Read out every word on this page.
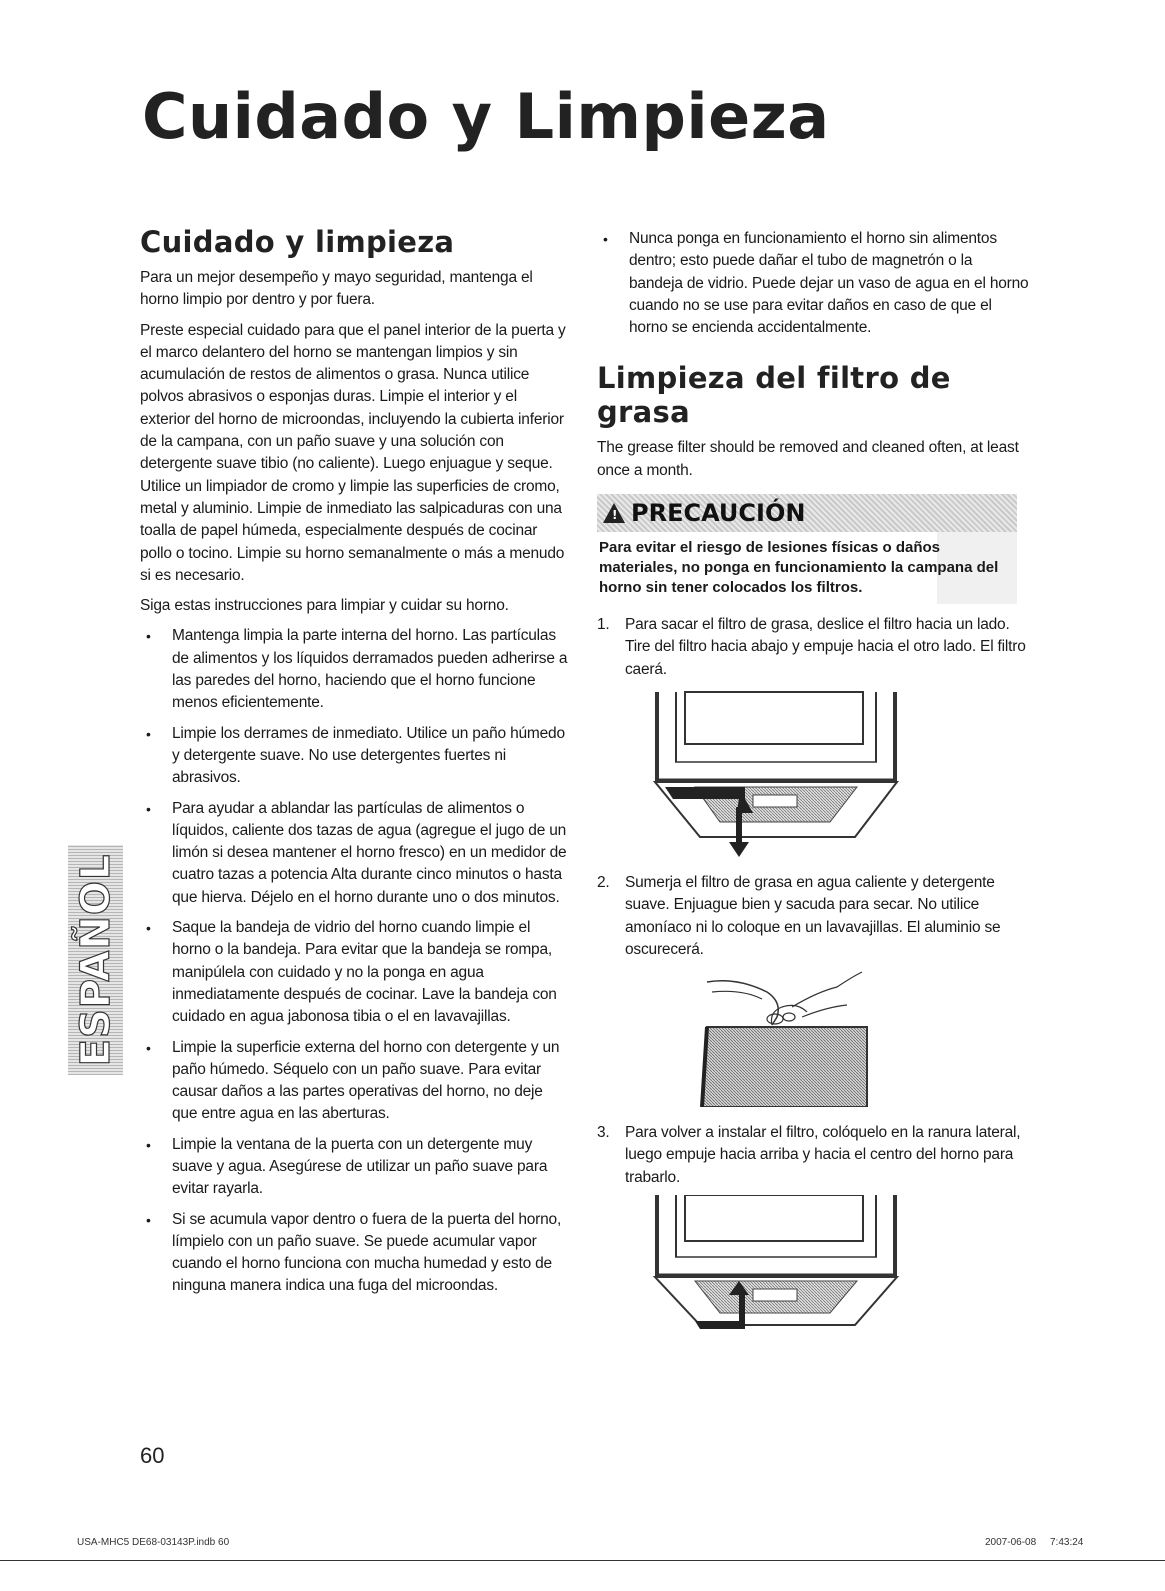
Cuidado y Limpieza
ESPAÑOL
Cuidado y limpieza

Para un mejor desempeño y mayo seguridad, mantenga el horno limpio por dentro y por fuera.

Preste especial cuidado para que el panel interior de la puerta y el marco delantero del horno se mantengan limpios y sin acumulación de restos de alimentos o grasa. Nunca utilice polvos abrasivos o esponjas duras. Limpie el interior y el exterior del horno de microondas, incluyendo la cubierta inferior de la campana, con un paño suave y una solución con detergente suave tibio (no caliente). Luego enjuague y seque. Utilice un limpiador de cromo y limpie las superficies de cromo, metal y aluminio. Limpie de inmediato las salpicaduras con una toalla de papel húmeda, especialmente después de cocinar pollo o tocino. Limpie su horno semanalmente o más a menudo si es necesario.

Siga estas instrucciones para limpiar y cuidar su horno.

• Mantenga limpia la parte interna del horno. Las partículas de alimentos y los líquidos derramados pueden adherirse a las paredes del horno, haciendo que el horno funcione menos eficientemente.
• Limpie los derrames de inmediato. Utilice un paño húmedo y detergente suave. No use detergentes fuertes ni abrasivos.
• Para ayudar a ablandar las partículas de alimentos o líquidos, caliente dos tazas de agua (agregue el jugo de un limón si desea mantener el horno fresco) en un medidor de cuatro tazas a potencia Alta durante cinco minutos o hasta que hierva. Déjelo en el horno durante uno o dos minutos.
• Saque la bandeja de vidrio del horno cuando limpie el horno o la bandeja. Para evitar que la bandeja se rompa, manipúlela con cuidado y no la ponga en agua inmediatamente después de cocinar. Lave la bandeja con cuidado en agua jabonosa tibia o el en lavavajillas.
• Limpie la superficie externa del horno con detergente y un paño húmedo. Séquelo con un paño suave. Para evitar causar daños a las partes operativas del horno, no deje que entre agua en las aberturas.
• Limpie la ventana de la puerta con un detergente muy suave y agua. Asegúrese de utilizar un paño suave para evitar rayarla.
• Si se acumula vapor dentro o fuera de la puerta del horno, límpielo con un paño suave. Se puede acumular vapor cuando el horno funciona con mucha humedad y esto de ninguna manera indica una fuga del microondas.
• Nunca ponga en funcionamiento el horno sin alimentos dentro; esto puede dañar el tubo de magnetrón o la bandeja de vidrio. Puede dejar un vaso de agua en el horno cuando no se use para evitar daños en caso de que el horno se encienda accidentalmente.
Limpieza del filtro de grasa

The grease filter should be removed and cleaned often, at least once a month.

! PRECAUCIÓN
Para evitar el riesgo de lesiones físicas o daños materiales, no ponga en funcionamiento la campana del horno sin tener colocados los filtros.
1. Para sacar el filtro de grasa, deslice el filtro hacia un lado. Tire del filtro hacia abajo y empuje hacia el otro lado. El filtro caerá.
2. Sumerja el filtro de grasa en agua caliente y detergente suave. Enjuague bien y sacuda para secar. No utilice amoníaco ni lo coloque en un lavavajillas. El aluminio se oscurecerá.
3. Para volver a instalar el filtro, colóquelo en la ranura lateral, luego empuje hacia arriba y hacia el centro del horno para trabarlo.
60
USA-MHC5 DE68-03143P.indb 60	2007-06-08 7:43:24
